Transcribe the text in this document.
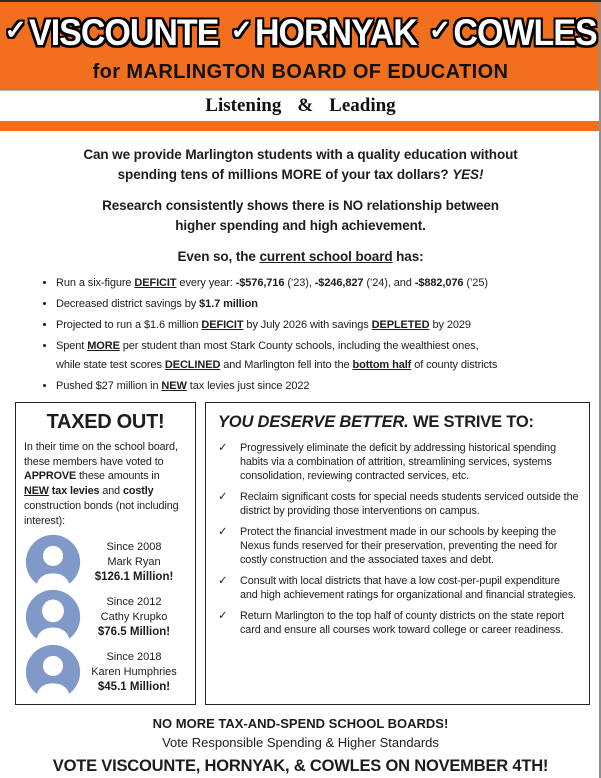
✓ VISCOUNTE ✓ HORNYAK ✓ COWLES
for MARLINGTON BOARD OF EDUCATION
Listening & Leading

Can we provide Marlington students with a quality education without
spending tens of millions MORE of your tax dollars? YES!

Research consistently shows there is NO relationship between
higher spending and high achievement.

Even so, the current school board has:

• Run a six-figure DEFICIT every year: -$576,716 (’23), -$246,827 (’24), and -$882,076 (’25)
• Decreased district savings by $1.7 million
• Projected to run a $1.6 million DEFICIT by July 2026 with savings DEPLETED by 2029
• Spent MORE per student than most Stark County schools, including the wealthiest ones,
while state test scores DECLINED and Marlington fell into the bottom half of county districts
• Pushed $27 million in NEW tax levies just since 2022
TAXED OUT!

In their time on the school board, these members have voted to APPROVE these amounts in NEW tax levies and costly construction bonds (not including interest):

Since 2008
Mark Ryan
$126.1 Million!
Since 2012
Cathy Krupko
$76.5 Million!
Since 2018
Karen Humphries
$45.1 Million!
YOU DESERVE BETTER. WE STRIVE TO:
✓	Progressively eliminate the deficit by addressing historical spending habits via a combination of attrition, streamlining services, systems consolidation, reviewing contracted services, etc.
✓	Reclaim significant costs for special needs students serviced outside the district by providing those interventions on campus.
✓	Protect the financial investment made in our schools by keeping the Nexus funds reserved for their preservation, preventing the need for costly construction and the associated taxes and debt.
✓	Consult with local districts that have a low cost-per-pupil expenditure and high achievement ratings for organizational and financial strategies.
✓	Return Marlington to the top half of county districts on the state report card and ensure all courses work toward college or career readiness.
NO MORE TAX-AND-SPEND SCHOOL BOARDS!
Vote Responsible Spending & Higher Standards
VOTE VISCOUNTE, HORNYAK, & COWLES ON NOVEMBER 4TH!
